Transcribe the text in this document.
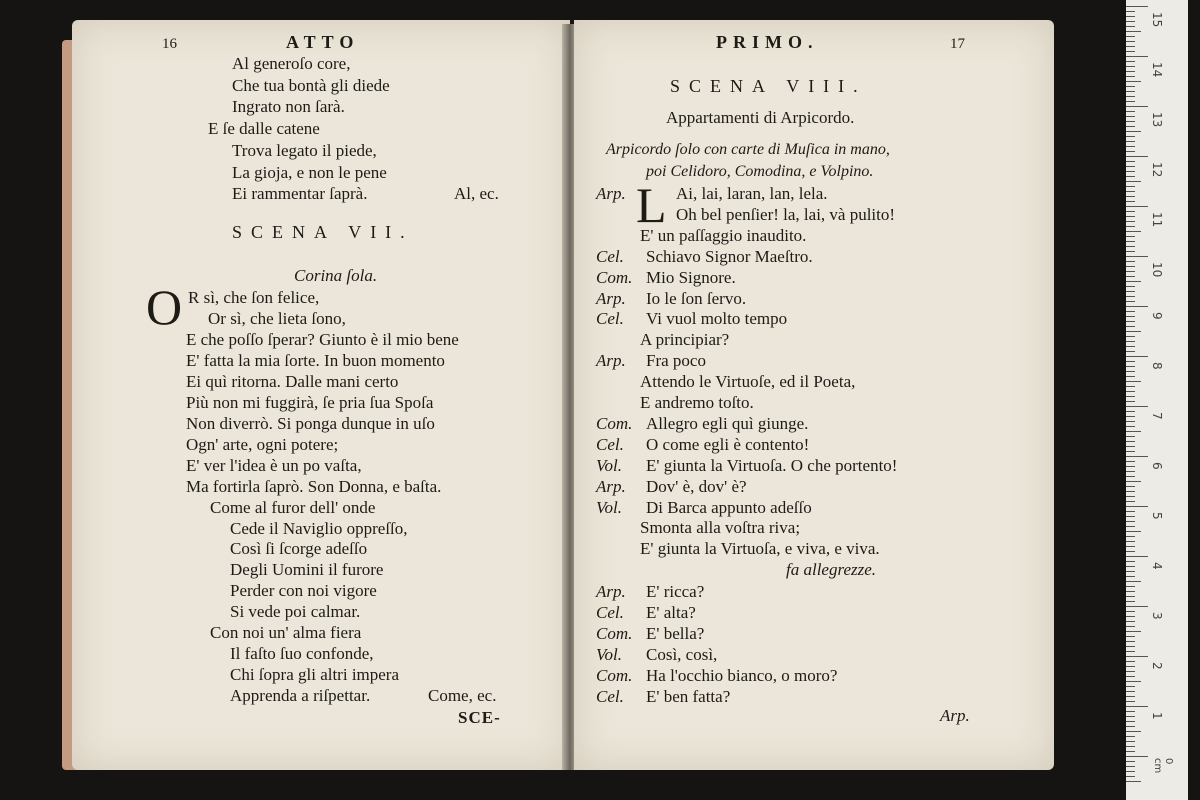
16	ATTO
Al generoſo core,
Che tua bontà gli diede
Ingrato non ſarà.
E ſe dalle catene
Trova legato il piede,
La gioja, e non le pene
Ei rammentar ſaprà.	Al, ec.
SCENA VII.
Corina ſola.
O R sì, che ſon felice,
Or sì, che lieta ſono,
E che poſſo ſperar? Giunto è il mio bene
E' fatta la mia ſorte. In buon momento
Ei quì ritorna. Dalle mani certo
Più non mi fuggirà, ſe pria ſua Spoſa
Non diverrò. Si ponga dunque in uſo
Ogn' arte, ogni potere;
E' ver l'idea è un po vaſta,
Ma fortirla ſaprò. Son Donna, e baſta.
Come al furor dell' onde
Cede il Naviglio oppreſſo,
Così ſi ſcorge adeſſo
Degli Uomini il furore
Perder con noi vigore
Si vede poi calmar.
Con noi un' alma fiera
Il faſto ſuo confonde,
Chi ſopra gli altri impera
Apprenda a riſpettar.	Come, ec.
SCE-
PRIMO.	17
SCENA VIII.
Appartamenti di Arpicordo.
Arpicordo ſolo con carte di Muſica in mano,
poi Celidoro, Comodina, e Volpino.
L
Arp.	Ai, lai, laran, lan, lela.
Oh bel penſier! la, lai, và pulito!
E' un paſſaggio inaudito.
Cel. Schiavo Signor Maeſtro.
Com. Mio Signore.
Arp. Io le ſon ſervo.
Cel. Vi vuol molto tempo
A principiar?
Arp. Fra poco
Attendo le Virtuoſe, ed il Poeta,
E andremo toſto.
Com. Allegro egli quì giunge.
Cel. O come egli è contento!
Vol. E' giunta la Virtuoſa. O che portento!
Arp. Dov' è, dov' è?
Vol. Di Barca appunto adeſſo
Smonta alla voſtra riva;
E' giunta la Virtuoſa, e viva, e viva.
fa allegrezze.
Arp. E' ricca?
Cel. E' alta?
Com. E' bella?
Vol. Così, così,
Com. Ha l'occhio bianco, o moro?
Cel. E' ben fatta?
Arp.
0 cm
15
14
13
12
11
10
9
8
7
6
5
4
3
2
1
